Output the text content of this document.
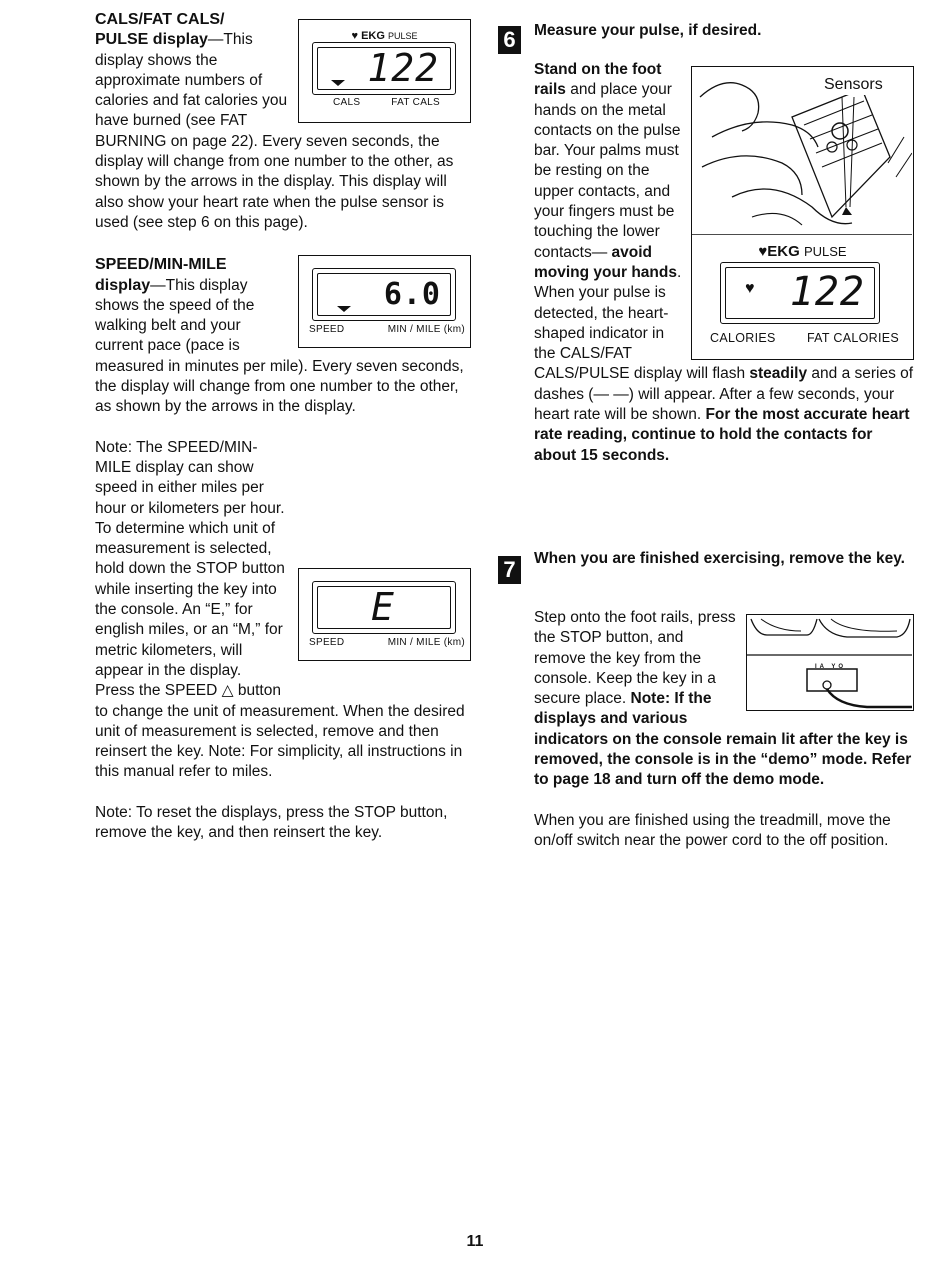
♥ EKG PULSE
122
CALS	FAT CALS

CALS/FAT CALS/
PULSE display—This display shows the approximate numbers of calories and fat calories you have burned (see FAT BURNING on page 22). Every seven seconds, the display will change from one number to the other, as shown by the arrows in the display. This display will also show your heart rate when the pulse sensor is used (see step 6 on this page).

6.0
SPEED	MIN / MILE (km)

SPEED/MIN-MILE
display—This display shows the speed of the walking belt and your current pace (pace is measured in minutes per mile). Every seven seconds, the display will change from one number to the other, as shown by the arrows in the display.

E
SPEED	MIN / MILE (km)

Note: The SPEED/MIN-MILE display can show speed in either miles per hour or kilometers per hour. To determine which unit of measurement is selected, hold down the STOP button while inserting the key into the console. An “E,” for english miles, or an “M,” for metric kilometers, will appear in the display. Press the SPEED △ button to change the unit of measurement. When the desired unit of measurement is selected, remove and then reinsert the key. Note: For simplicity, all instructions in this manual refer to miles.

Note: To reset the displays, press the STOP button, remove the key, and then reinsert the key.

6	Measure your pulse, if desired.
Sensors
♥EKG PULSE
♥ 122
CALORIES	FAT CALORIES

Stand on the foot rails and place your hands on the metal contacts on the pulse bar. Your palms must be resting on the upper contacts, and your fingers must be touching the lower contacts— avoid moving your hands. When your pulse is detected, the heart-shaped indicator in the CALS/FAT CALS/PULSE display will flash steadily and a series of dashes (— —) will appear. After a few seconds, your heart rate will be shown. For the most accurate heart rate reading, continue to hold the contacts for about 15 seconds.

7	When you are finished exercising, remove the key.
IA YO

Step onto the foot rails, press the STOP button, and remove the key from the console. Keep the key in a secure place. Note: If the displays and various indicators on the console remain lit after the key is removed, the console is in the “demo” mode. Refer to page 18 and turn off the demo mode.

When you are finished using the treadmill, move the on/off switch near the power cord to the off position.

11
